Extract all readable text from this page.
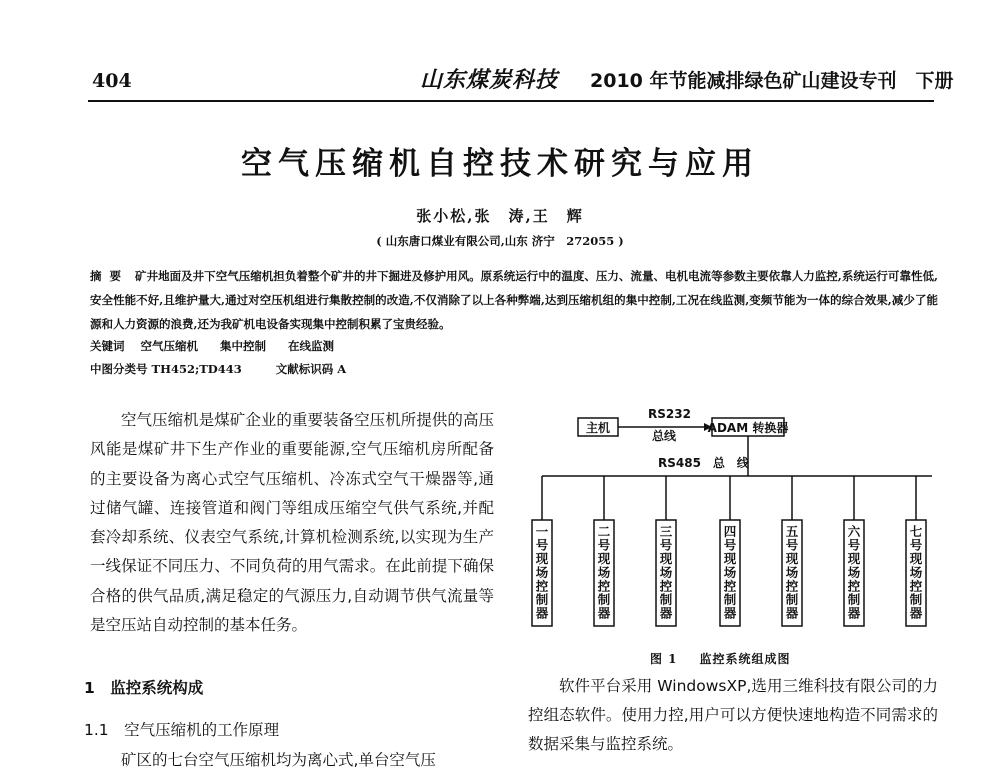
404	山东煤炭科技 2010 年节能减排绿色矿山建设专刊　下册
空气压缩机自控技术研究与应用
张小松,张　涛,王　辉
( 山东唐口煤业有限公司,山东 济宁　272055 )
摘要 矿井地面及井下空气压缩机担负着整个矿井的井下掘进及修护用风。原系统运行中的温度、压力、流量、电机电流等参数主要依靠人力监控,系统运行可靠性低,安全性能不好,且维护量大,通过对空压机组进行集散控制的改造,不仅消除了以上各种弊端,达到压缩机组的集中控制,工况在线监测,变频节能为一体的综合效果,减少了能源和人力资源的浪费,还为我矿机电设备实现集中控制积累了宝贵经验。
关键词 空气压缩机 集中控制 在线监测
中图分类号 TH452;TD443	文献标识码 A

空气压缩机是煤矿企业的重要装备空压机所提供的高压风能是煤矿井下生产作业的重要能源,空气压缩机房所配备的主要设备为离心式空气压缩机、冷冻式空气干燥器等,通过储气罐、连接管道和阀门等组成压缩空气供气系统,并配套冷却系统、仪表空气系统,计算机检测系统,以实现为生产一线保证不同压力、不同负荷的用气需求。在此前提下确保合格的供气品质,满足稳定的气源压力,自动调节供气流量等是空压站自动控制的基本任务。

1　监控系统构成
1.1　空气压缩机的工作原理
矿区的七台空气压缩机均为离心式,单台空气压
主机
RS232
总线
ADAM 转换器
RS485　总　线
一号现场控制器
二号现场控制器
三号现场控制器
四号现场控制器
五号现场控制器
六号现场控制器
七号现场控制器
图 1 监控系统组成图

软件平台采用 WindowsXP,选用三维科技有限公司的力控组态软件。使用力控,用户可以方便快速地构造不同需求的数据采集与监控系统。
